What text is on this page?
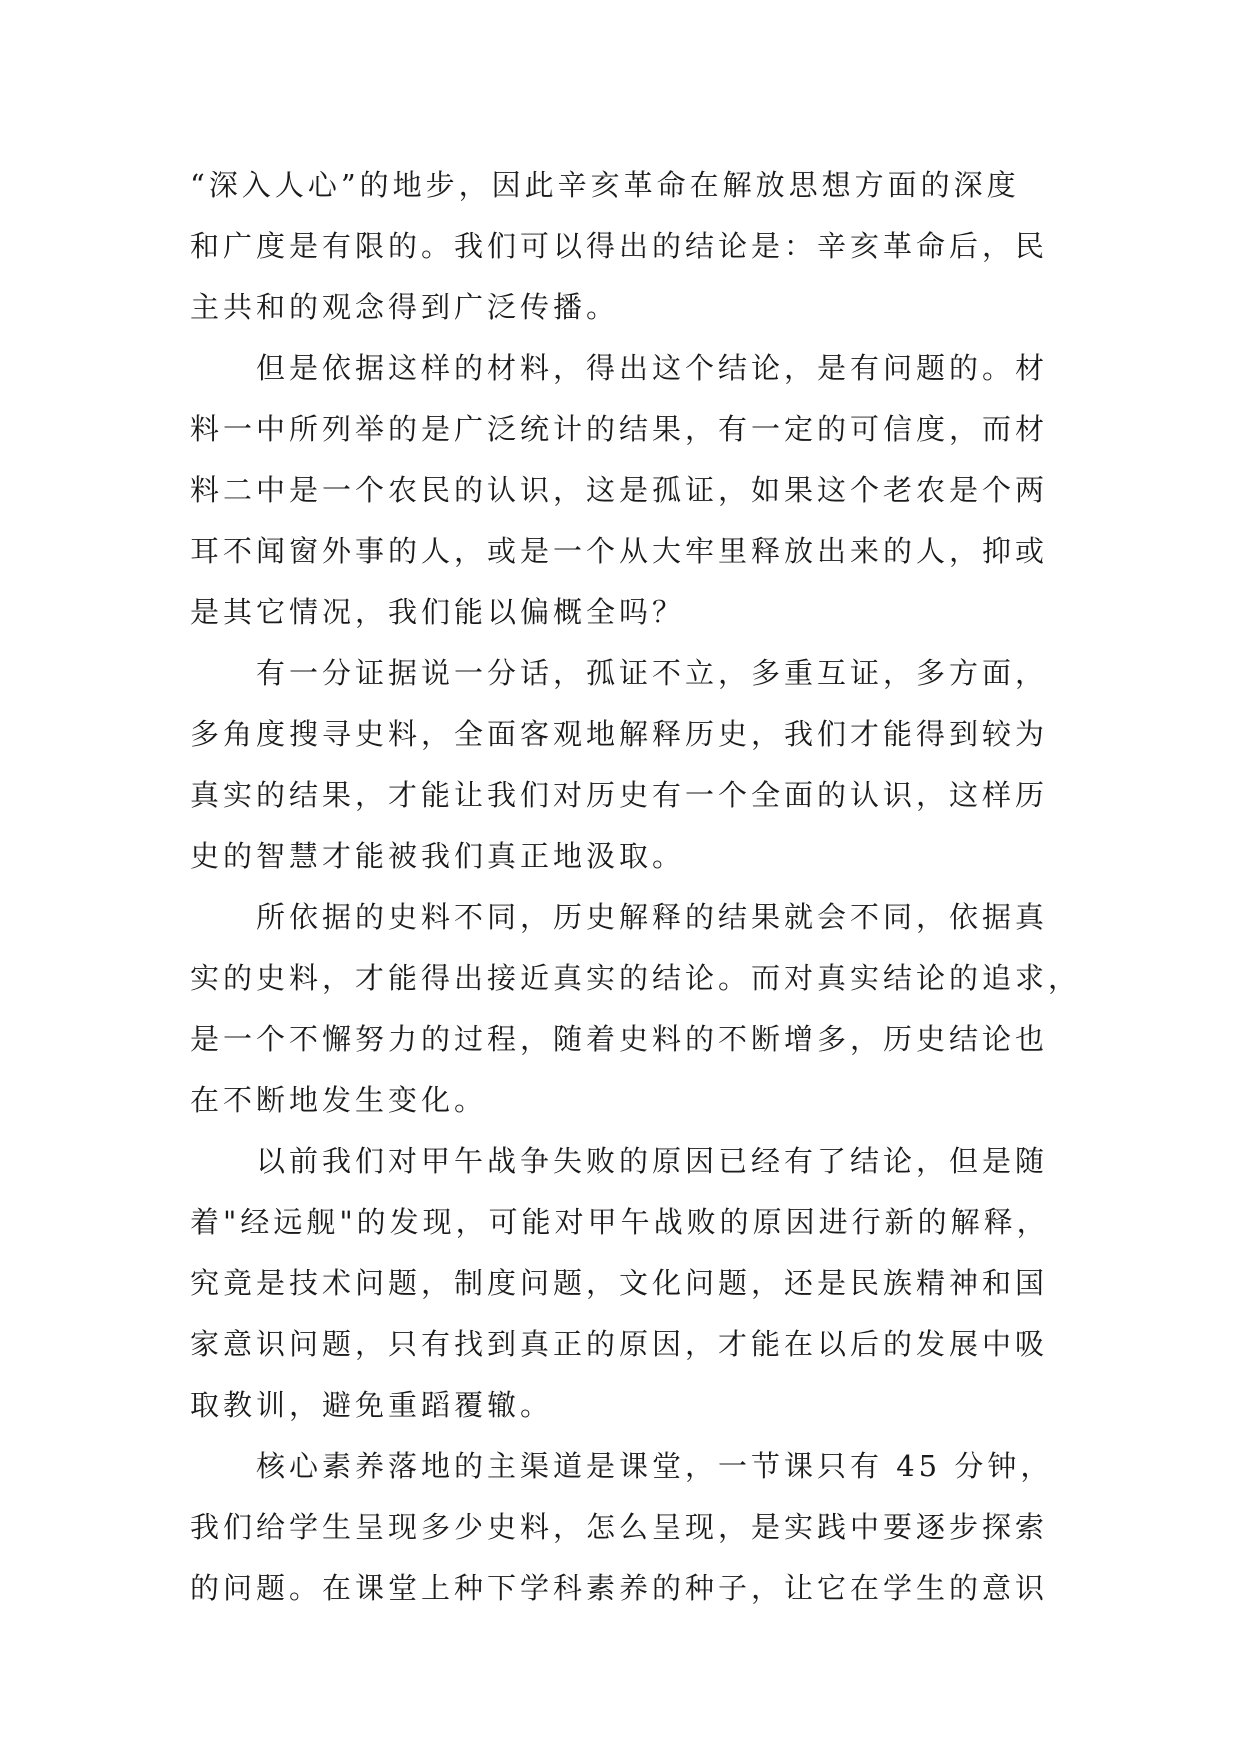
“深入人心”的地步，因此辛亥革命在解放思想方面的深度
和广度是有限的。我们可以得出的结论是：辛亥革命后，民
主共和的观念得到广泛传播。
但是依据这样的材料，得出这个结论，是有问题的。材
料一中所列举的是广泛统计的结果，有一定的可信度，而材
料二中是一个农民的认识，这是孤证，如果这个老农是个两
耳不闻窗外事的人，或是一个从大牢里释放出来的人，抑或
是其它情况，我们能以偏概全吗？
有一分证据说一分话，孤证不立，多重互证，多方面，
多角度搜寻史料，全面客观地解释历史，我们才能得到较为
真实的结果，才能让我们对历史有一个全面的认识，这样历
史的智慧才能被我们真正地汲取。
所依据的史料不同，历史解释的结果就会不同，依据真
实的史料，才能得出接近真实的结论。而对真实结论的追求，
是一个不懈努力的过程，随着史料的不断增多，历史结论也
在不断地发生变化。
以前我们对甲午战争失败的原因已经有了结论，但是随
着"经远舰"的发现，可能对甲午战败的原因进行新的解释，
究竟是技术问题，制度问题，文化问题，还是民族精神和国
家意识问题，只有找到真正的原因，才能在以后的发展中吸
取教训，避免重蹈覆辙。
核心素养落地的主渠道是课堂，一节课只有 45 分钟，
我们给学生呈现多少史料，怎么呈现，是实践中要逐步探索
的问题。在课堂上种下学科素养的种子，让它在学生的意识
